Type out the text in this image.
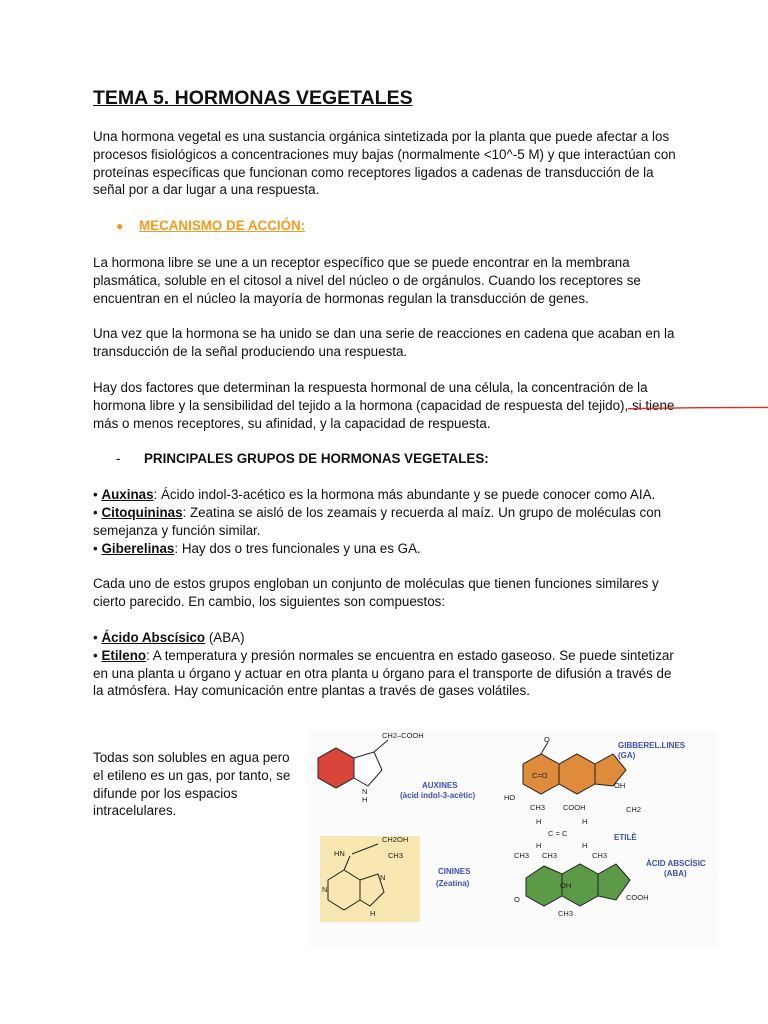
TEMA 5. HORMONAS VEGETALES

Una hormona vegetal es una sustancia orgánica sintetizada por la planta que puede afectar a los procesos fisiológicos a concentraciones muy bajas (normalmente <10^-5 M) y que interactúan con proteínas específicas que funcionan como receptores ligados a cadenas de transducción de la señal por a dar lugar a una respuesta.

● MECANISMO DE ACCIÓN:

La hormona libre se une a un receptor específico que se puede encontrar en la membrana plasmática, soluble en el citosol a nivel del núcleo o de orgánulos. Cuando los receptores se encuentran en el núcleo la mayoría de hormonas regulan la transducción de genes.

Una vez que la hormona se ha unido se dan una serie de reacciones en cadena que acaban en la transducción de la señal produciendo una respuesta.

Hay dos factores que determinan la respuesta hormonal de una célula, la concentración de la hormona libre y la sensibilidad del tejido a la hormona (capacidad de respuesta del tejido), si tiene más o menos receptores, su afinidad, y la capacidad de respuesta.

- PRINCIPALES GRUPOS DE HORMONAS VEGETALES:

• Auxinas: Ácido indol-3-acético es la hormona más abundante y se puede conocer como AIA.

• Citoquininas: Zeatina se aisló de los zeamais y recuerda al maíz. Un grupo de moléculas con semejanza y función similar.

• Giberelinas: Hay dos o tres funcionales y una es GA.

Cada uno de estos grupos engloban un conjunto de moléculas que tienen funciones similares y cierto parecido. En cambio, los siguientes son compuestos:

• Ácido Abscísico (ABA)

• Etileno: A temperatura y presión normales se encuentra en estado gaseoso. Se puede sintetizar en una planta u órgano y actuar en otra planta u órgano para el transporte de difusión a través de la atmósfera. Hay comunicación entre plantas a través de gases volátiles.

Todas son solubles en agua pero el etileno es un gas, por tanto, se difunde por los espacios intracelulares.

CH2–COOH
N
H
AUXINES
(àcid indol-3-acètic)
O
C=O
HO
CH3 COOH
OH
CH2
GIBBEREL.LINES
(GA)
H	H
C = C
H	H
ETILÈ
HN
CH2OH
CH3
N
N
H
CININES
(Zeatina)
CH3 CH3	CH3
OH
O
CH3
COOH
ÀCID ABSCÍSIC
(ABA)
